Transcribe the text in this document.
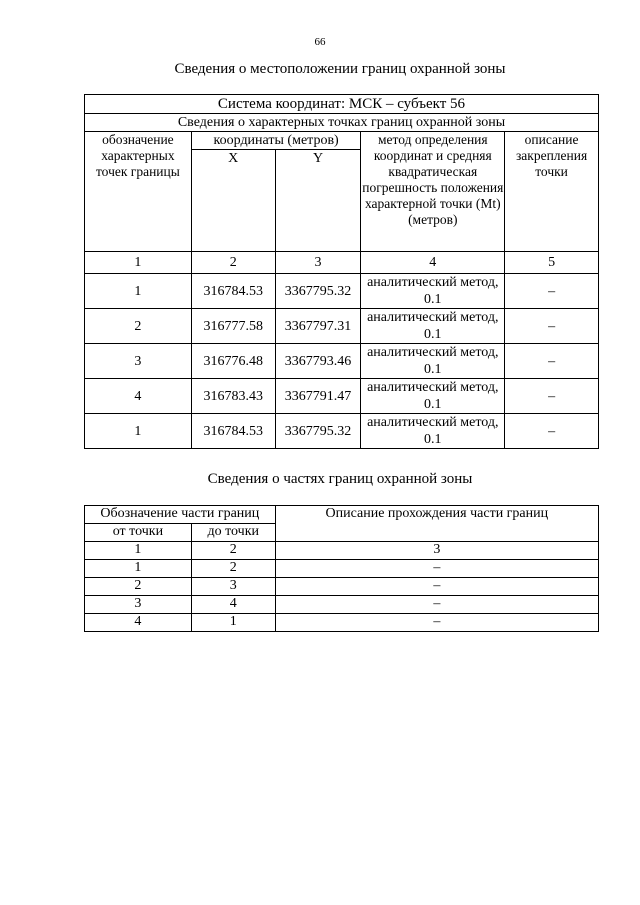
66
Сведения о местоположении границ охранной зоны
Система координат: МСК – субъект 56				
Сведения о характерных точках границ охранной зоны				
обозначение характерных точек границы	координаты (метров)		метод определения координат и средняя квадратическая погрешность положения характерной точки (Mt) (метров)	описание закрепления точки
	X	Y		
1	2	3	4	5
1	316784.53	3367795.32	аналитический метод, 0.1	–
2	316777.58	3367797.31	аналитический метод, 0.1	–
3	316776.48	3367793.46	аналитический метод, 0.1	–
4	316783.43	3367791.47	аналитический метод, 0.1	–
1	316784.53	3367795.32	аналитический метод, 0.1	–
Сведения о частях границ охранной зоны
Обозначение части границ		Описание прохождения части границ
от точки	до точки	
1	2	3
1	2	–
2	3	–
3	4	–
4	1	–
